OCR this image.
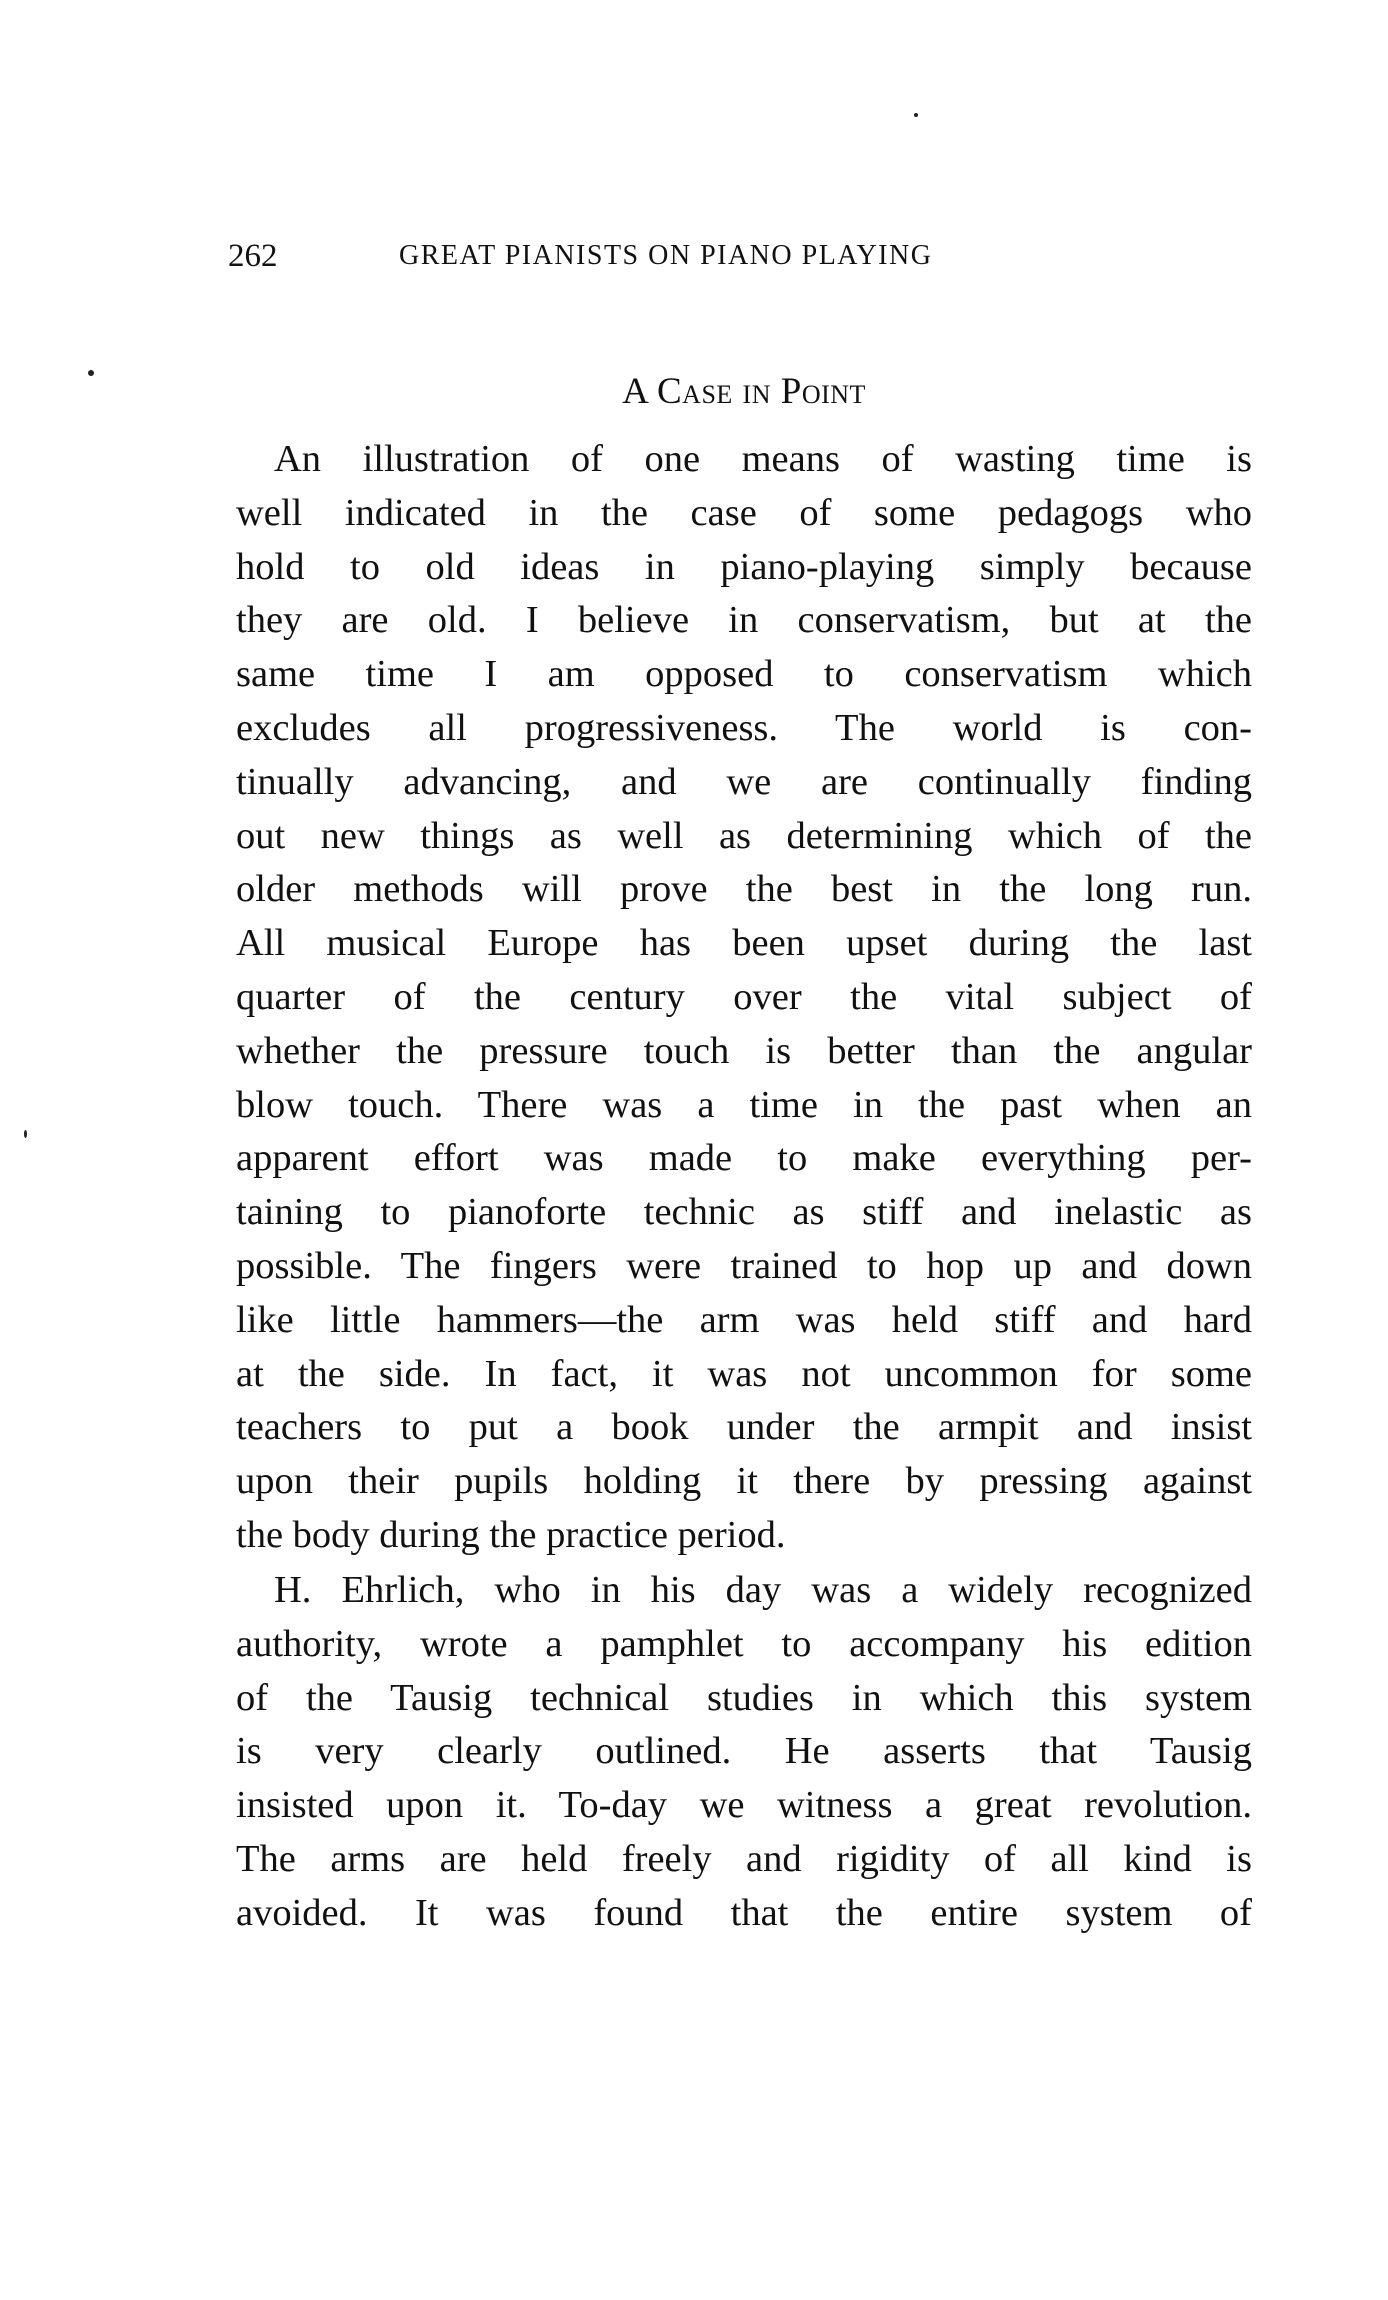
262	GREAT PIANISTS ON PIANO PLAYING
A Case in Point
An illustration of one means of wasting time is
well indicated in the case of some pedagogs who
hold to old ideas in piano-playing simply because
they are old. I believe in conservatism, but at the
same time I am opposed to conservatism which
excludes all progressiveness. The world is con-
tinually advancing, and we are continually finding
out new things as well as determining which of the
older methods will prove the best in the long run.
All musical Europe has been upset during the last
quarter of the century over the vital subject of
whether the pressure touch is better than the angular
blow touch. There was a time in the past when an
apparent effort was made to make everything per-
taining to pianoforte technic as stiff and inelastic as
possible. The fingers were trained to hop up and down
like little hammers—the arm was held stiff and hard
at the side. In fact, it was not uncommon for some
teachers to put a book under the armpit and insist
upon their pupils holding it there by pressing against
the body during the practice period.
H. Ehrlich, who in his day was a widely recognized
authority, wrote a pamphlet to accompany his edition
of the Tausig technical studies in which this system
is very clearly outlined. He asserts that Tausig
insisted upon it. To-day we witness a great revolution.
The arms are held freely and rigidity of all kind is
avoided. It was found that the entire system of
